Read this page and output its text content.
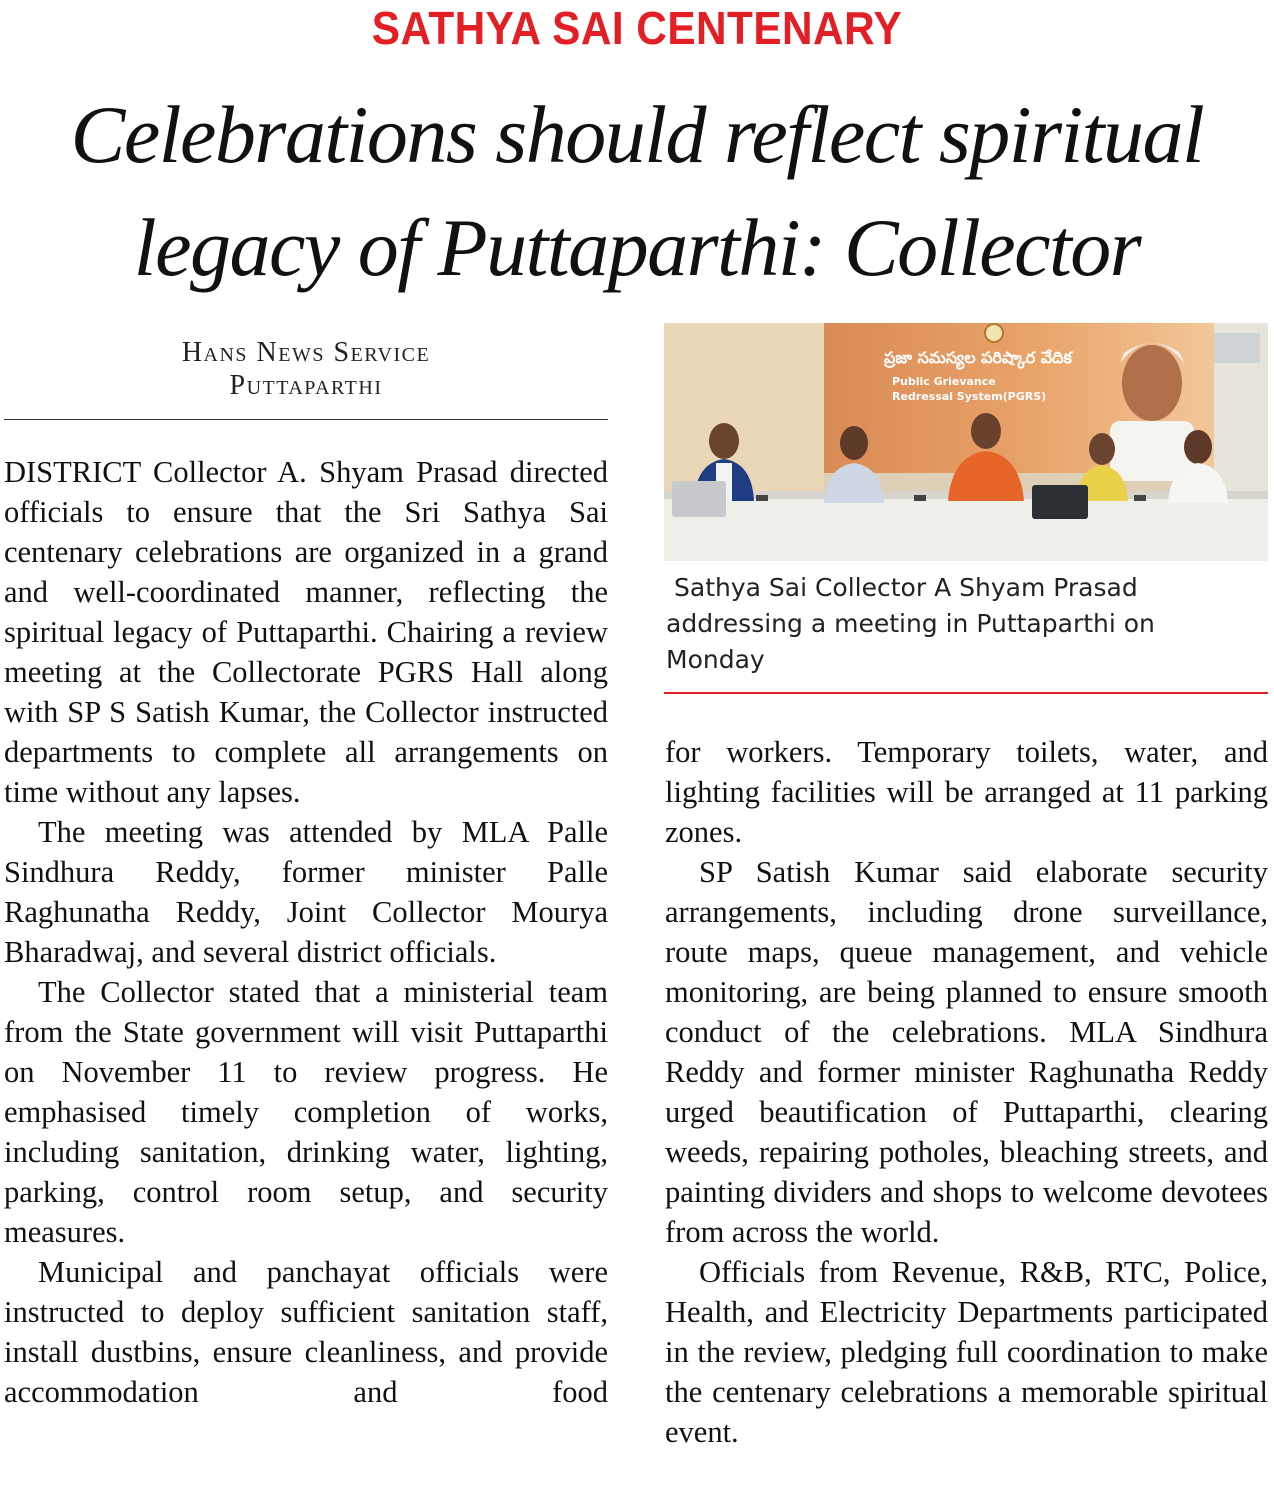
SATHYA SAI CENTENARY
Celebrations should reflect spiritual
legacy of Puttaparthi: Collector
Hans News Service
Puttaparthi

DISTRICT Collector A. Shyam Prasad directed officials to ensure that the Sri Sathya Sai centenary celebrations are organized in a grand and well-coordinated manner, reflecting the spiritual legacy of Puttaparthi. Chairing a review meeting at the Collectorate PGRS Hall along with SP S Satish Kumar, the Collector instructed departments to complete all arrangements on time without any lapses.

The meeting was attended by MLA Palle Sindhura Reddy, former minister Palle Raghunatha Reddy, Joint Collector Mourya Bharadwaj, and several district officials.

The Collector stated that a ministerial team from the State government will visit Puttaparthi on November 11 to review progress. He emphasised timely completion of works, including sanitation, drinking water, lighting, parking, control room setup, and security measures.

Municipal and panchayat officials were instructed to deploy sufficient sanitation staff, install dustbins, ensure cleanliness, and provide accommodation and food

ప్రజా సమస్యల పరిష్కార వేదిక
Public Grievance
Redressal System(PGRS)
Sathya Sai Collector A Shyam Prasad
addressing a meeting in Puttaparthi on
Monday

for workers. Temporary toilets, water, and lighting facilities will be arranged at 11 parking zones.

SP Satish Kumar said elaborate security arrangements, including drone surveillance, route maps, queue management, and vehicle monitoring, are being planned to ensure smooth conduct of the celebrations. MLA Sindhura Reddy and former minister Raghunatha Reddy urged beautification of Puttaparthi, clearing weeds, repairing potholes, bleaching streets, and painting dividers and shops to welcome devotees from across the world.

Officials from Revenue, R&B, RTC, Police, Health, and Electricity Departments participated in the review, pledging full coordination to make the centenary celebrations a memorable spiritual event.
